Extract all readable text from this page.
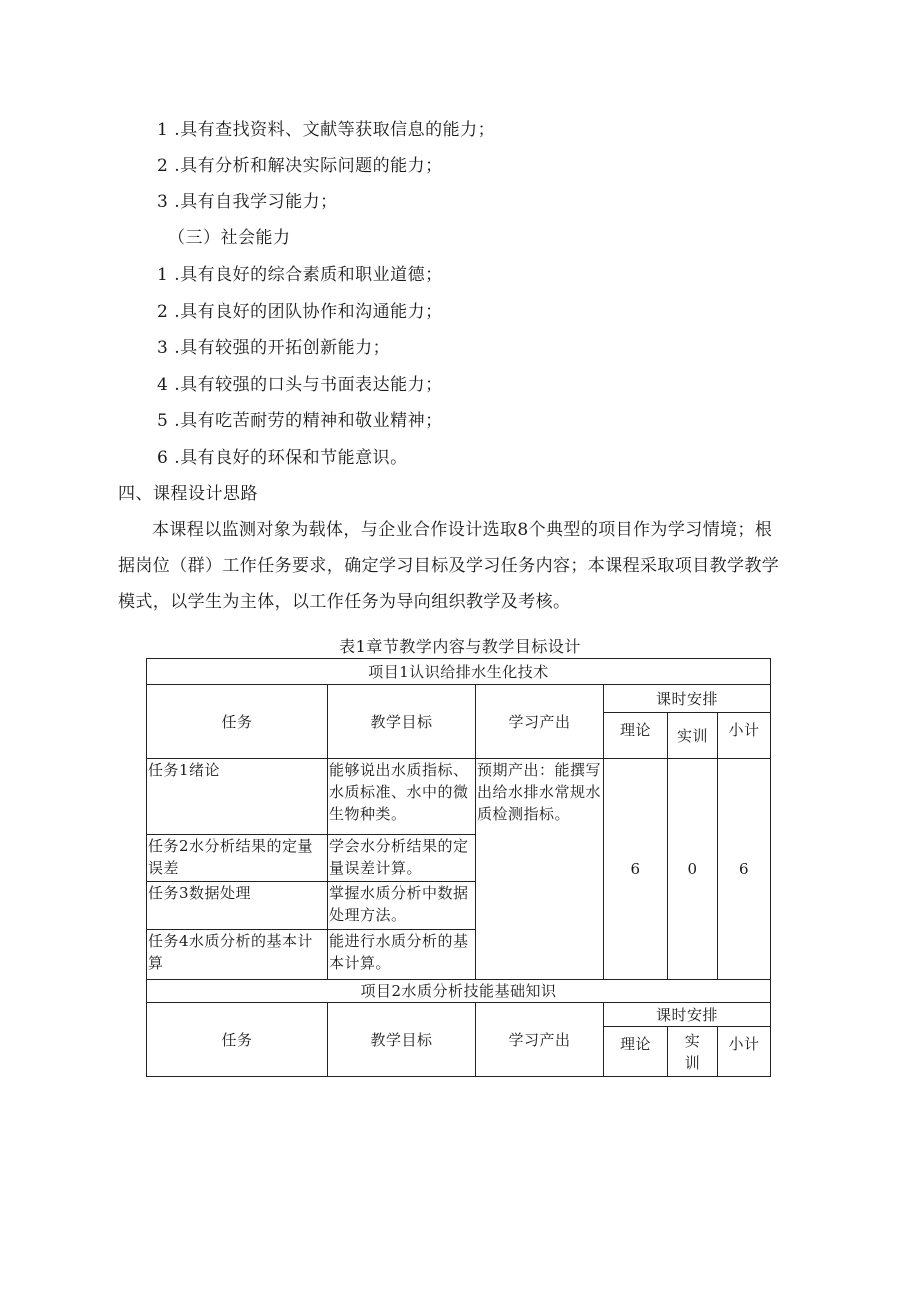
1 .具有查找资料、文献等获取信息的能力；
2 .具有分析和解决实际问题的能力；
3 .具有自我学习能力；
（三）社会能力
1 .具有良好的综合素质和职业道德；
2 .具有良好的团队协作和沟通能力；
3 .具有较强的开拓创新能力；
4 .具有较强的口头与书面表达能力；
5 .具有吃苦耐劳的精神和敬业精神；
6 .具有良好的环保和节能意识。
四、课程设计思路
本课程以监测对象为载体，与企业合作设计选取8个典型的项目作为学习情境；根据岗位（群）工作任务要求，确定学习目标及学习任务内容；本课程采取项目教学教学模式，以学生为主体，以工作任务为导向组织教学及考核。
表1章节教学内容与教学目标设计
项目1认识给排水生化技术					
任务	教学目标	学习产出	课时安排		
			理论	实训	小计
任务1绪论	能够说出水质指标、水质标准、水中的微生物种类。	预期产出：能撰写出给水排水常规水质检测指标。	6	0	6
任务2水分析结果的定量误差	学会水分析结果的定量误差计算。				
任务3数据处理	掌握水质分析中数据处理方法。				
任务4水质分析的基本计算	能进行水质分析的基本计算。				
项目2水质分析技能基础知识					
任务	教学目标	学习产出	课时安排		
			理论	实训	小计
